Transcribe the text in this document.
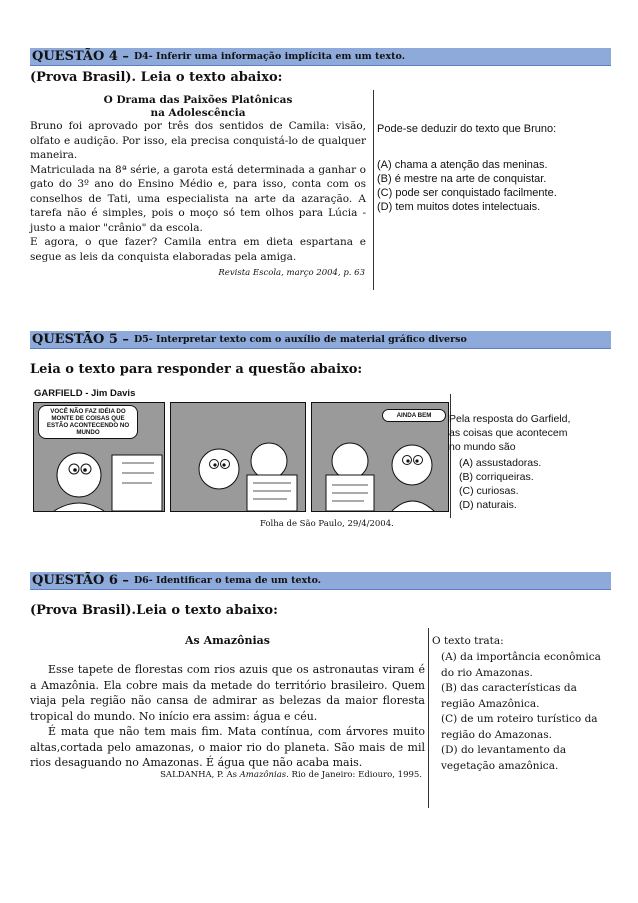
QUESTÃO 4 – D4- Inferir uma informação implícita em um texto.
(Prova Brasil). Leia o texto abaixo:
O Drama das Paixões Platônicas
na Adolescência
Bruno foi aprovado por três dos sentidos de Camila: visão, olfato e audição. Por isso, ela precisa conquistá-lo de qualquer maneira.
Matriculada na 8ª série, a garota está determinada a ganhar o gato do 3º ano do Ensino Médio e, para isso, conta com os conselhos de Tati, uma especialista na arte da azaração. A tarefa não é simples, pois o moço só tem olhos para Lúcia - justo a maior "crânio" da escola.
E agora, o que fazer? Camila entra em dieta espartana e segue as leis da conquista elaboradas pela amiga.
Revista Escola, março 2004, p. 63
Pode-se deduzir do texto que Bruno:
(A) chama a atenção das meninas.
(B) é mestre na arte de conquistar.
(C) pode ser conquistado facilmente.
(D) tem muitos dotes intelectuais.
QUESTÃO 5 – D5- Interpretar texto com o auxílio de material gráfico diverso
Leia o texto para responder a questão abaixo:
GARFIELD - Jim Davis
VOCÊ NÃO FAZ IDÉIA DO MONTE DE COISAS QUE ESTÃO ACONTECENDO NO MUNDO
AINDA BEM	Pela resposta do Garfield,
as coisas que acontecem
no mundo são
(A) assustadoras.
(B) corriqueiras.
(C) curiosas.
(D) naturais.
Folha de São Paulo, 29/4/2004.
QUESTÃO 6 – D6- Identificar o tema de um texto.
(Prova Brasil).Leia o texto abaixo:
As Amazônias
Esse tapete de florestas com rios azuis que os astronautas viram é a Amazônia. Ela cobre mais da metade do território brasileiro. Quem viaja pela região não cansa de admirar as belezas da maior floresta tropical do mundo. No início era assim: água e céu.
É mata que não tem mais fim. Mata contínua, com árvores muito altas,cortada pelo amazonas, o maior rio do planeta. São mais de mil rios desaguando no Amazonas. É água que não acaba mais.
SALDANHA, P. As Amazônias. Rio de Janeiro: Ediouro, 1995.
O texto trata:
(A) da importância econômica do rio Amazonas.
(B) das características da região Amazônica.
(C) de um roteiro turístico da região do Amazonas.
(D) do levantamento da vegetação amazônica.
